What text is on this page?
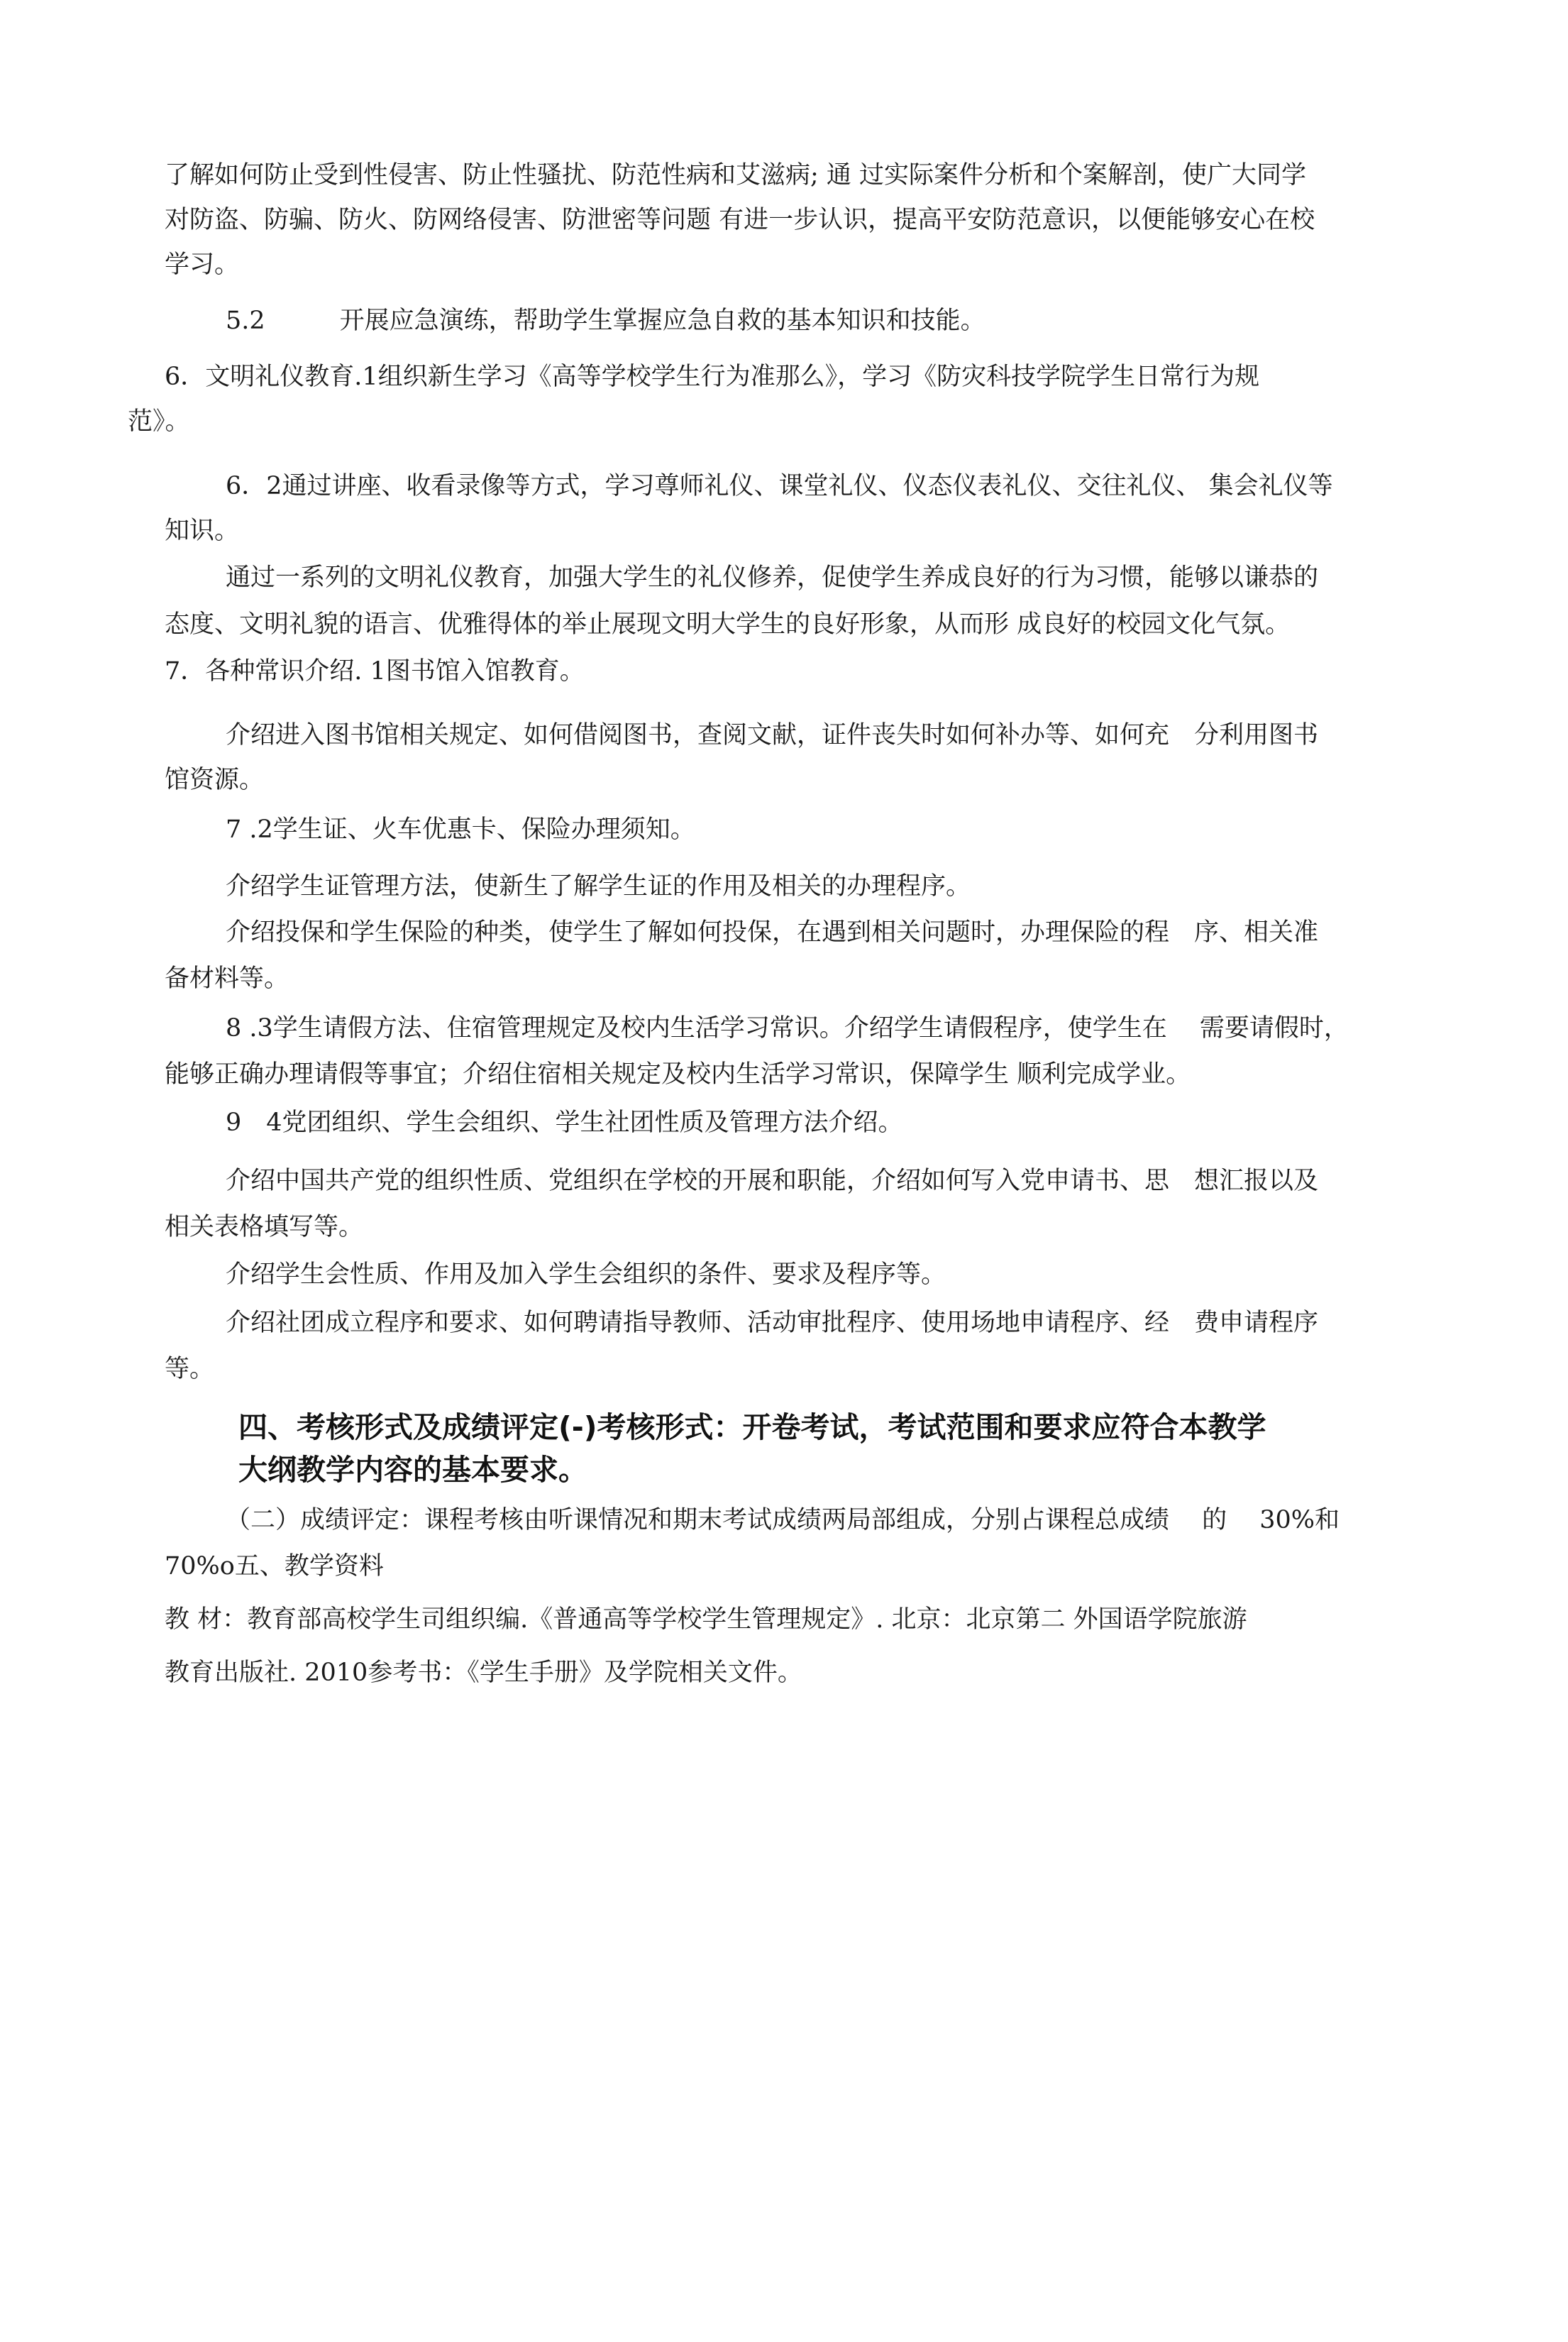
了解如何防止受到性侵害、防止性骚扰、防范性病和艾滋病; 通 过实际案件分析和个案解剖，使广大同学
对防盗、防骗、防火、防网络侵害、防泄密等问题 有进一步认识，提高平安防范意识，以便能够安心在校
学习。
5.2　　　开展应急演练，帮助学生掌握应急自救的基本知识和技能。
6．文明礼仪教育.1组织新生学习《高等学校学生行为准那么》，学习《防灾科技学院学生日常行为规
范》。
6．2通过讲座、收看录像等方式，学习尊师礼仪、课堂礼仪、仪态仪表礼仪、交往礼仪、 集会礼仪等
知识。
通过一系列的文明礼仪教育，加强大学生的礼仪修养，促使学生养成良好的行为习惯，能够以谦恭的
态度、文明礼貌的语言、优雅得体的举止展现文明大学生的良好形象，从而形 成良好的校园文化气氛。
7．各种常识介绍. 1图书馆入馆教育。
介绍进入图书馆相关规定、如何借阅图书，查阅文献，证件丧失时如何补办等、如何充　分利用图书
馆资源。
7 .2学生证、火车优惠卡、保险办理须知。
介绍学生证管理方法，使新生了解学生证的作用及相关的办理程序。
介绍投保和学生保险的种类，使学生了解如何投保，在遇到相关问题时，办理保险的程　序、相关准
备材料等。
8 .3学生请假方法、住宿管理规定及校内生活学习常识。介绍学生请假程序，使学生在　 需要请假时，
能够正确办理请假等事宜；介绍住宿相关规定及校内生活学习常识，保障学生 顺利完成学业。
9　4党团组织、学生会组织、学生社团性质及管理方法介绍。
介绍中国共产党的组织性质、党组织在学校的开展和职能，介绍如何写入党申请书、思　想汇报以及
相关表格填写等。
介绍学生会性质、作用及加入学生会组织的条件、要求及程序等。
介绍社团成立程序和要求、如何聘请指导教师、活动审批程序、使用场地申请程序、经　费申请程序
等。
四、考核形式及成绩评定(-)考核形式：开卷考试，考试范围和要求应符合本教学
大纲教学内容的基本要求。
（二）成绩评定：课程考核由听课情况和期末考试成绩两局部组成，分别占课程总成绩　 的　 30%和
70%o五、教学资料
教 材：教育部高校学生司组织编.《普通高等学校学生管理规定》. 北京：北京第二 外国语学院旅游
教育出版社. 2010参考书：《学生手册》及学院相关文件。
